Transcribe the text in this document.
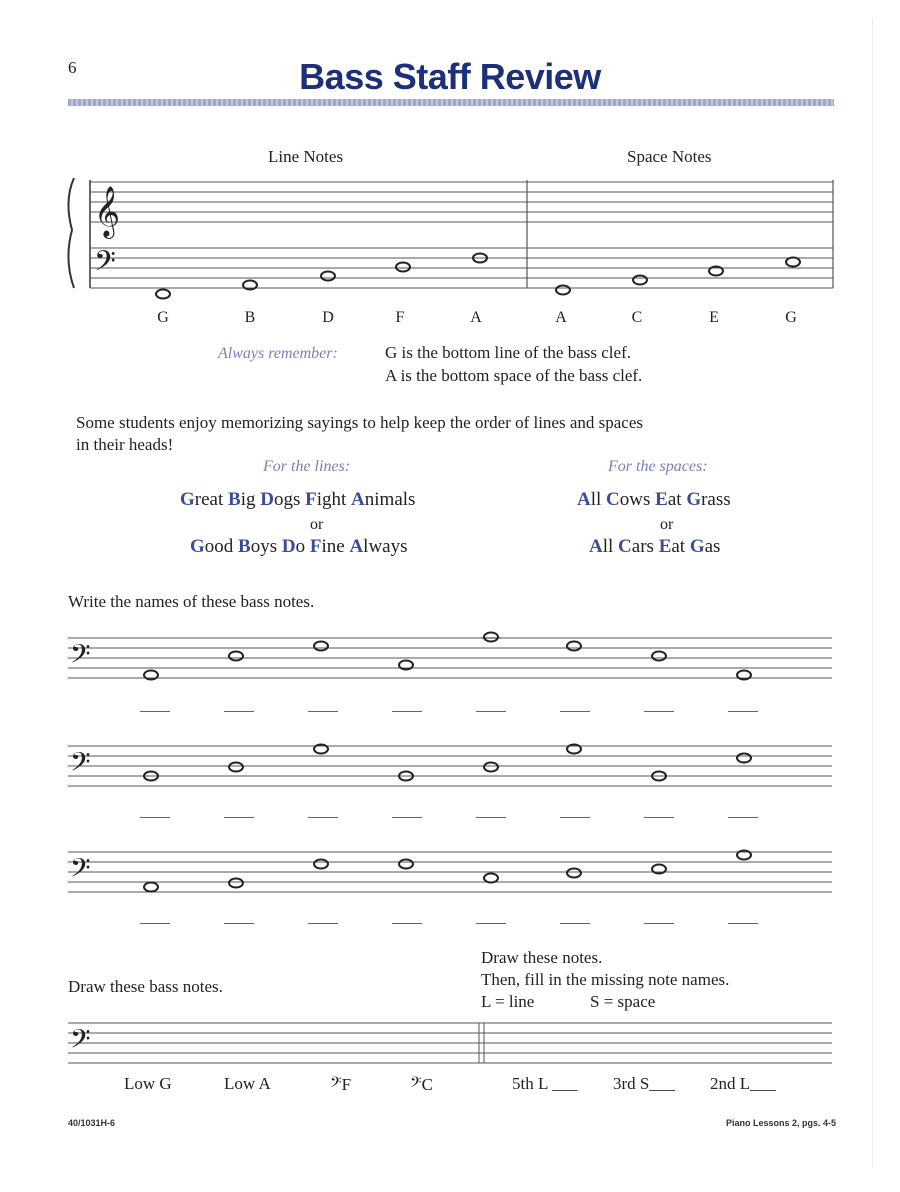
6	Bass Staff Review
Line Notes	Space Notes
𝄞
𝄢
G	B	D	F	A	A	C	E	G
Always remember:	G is the bottom line of the bass clef.
A is the bottom space of the bass clef.
Some students enjoy memorizing sayings to help keep the order of lines and spaces
in their heads!
For the lines:	For the spaces:
Great Big Dogs Fight Animals
or
Good Boys Do Fine Always
All Cows Eat Grass
or
All Cars Eat Gas
Write the names of these bass notes.
𝄢
𝄢
𝄢
Draw these notes.
Then, fill in the missing note names.
L = line	S = space
Draw these bass notes.
𝄢
Low G	Low A	𝄢F	𝄢C	5th L ___ 3rd S___ 2nd L___
40/1031H-6	Piano Lessons 2, pgs. 4-5
